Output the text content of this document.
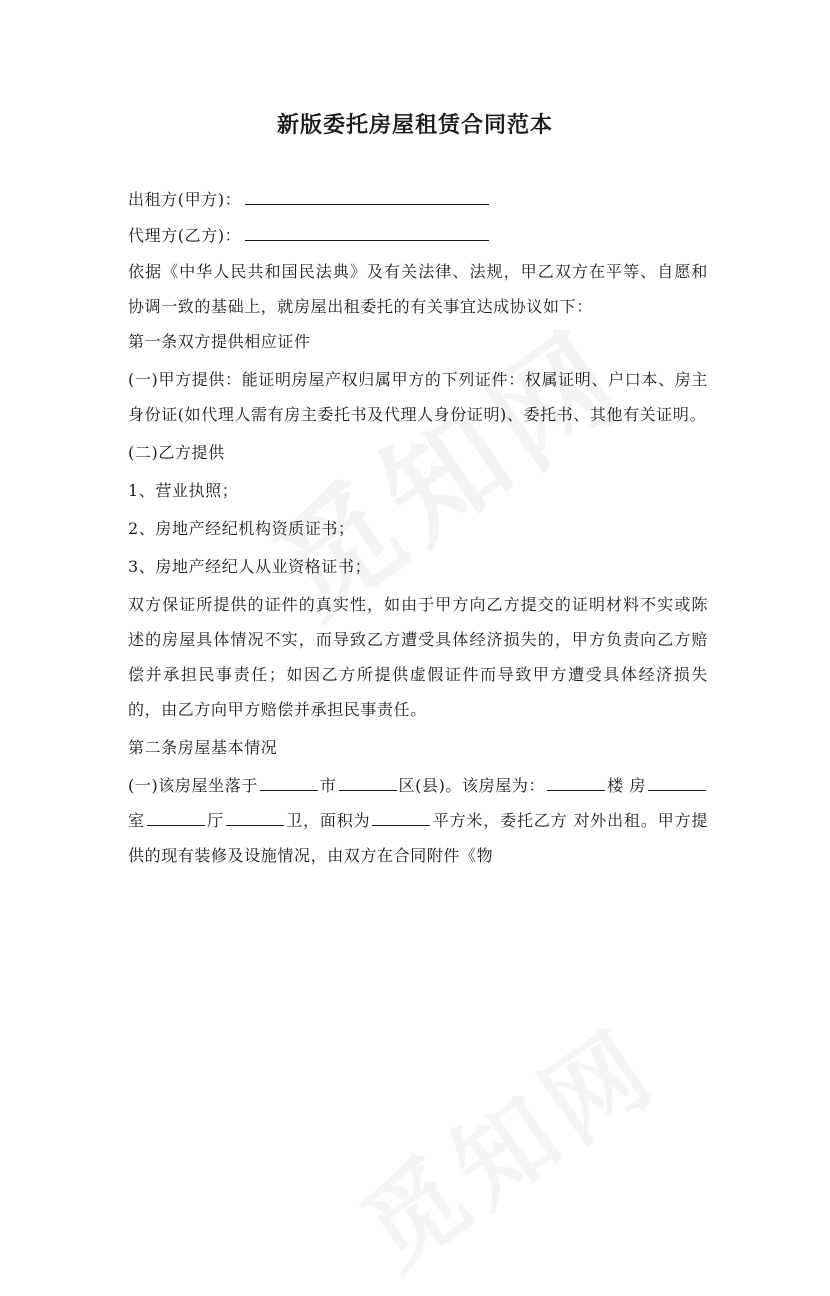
新版委托房屋租赁合同范本
出租方(甲方)：
代理方(乙方)：
依据《中华人民共和国民法典》及有关法律、法规，甲乙双方在平等、自愿和协调一致的基础上，就房屋出租委托的有关事宜达成协议如下：
第一条双方提供相应证件
(一)甲方提供：能证明房屋产权归属甲方的下列证件：权属证明、户口本、房主身份证(如代理人需有房主委托书及代理人身份证明)、委托书、其他有关证明。
(二)乙方提供
1、营业执照；
2、房地产经纪机构资质证书；
3、房地产经纪人从业资格证书；
双方保证所提供的证件的真实性，如由于甲方向乙方提交的证明材料不实或陈述的房屋具体情况不实，而导致乙方遭受具体经济损失的，甲方负责向乙方赔偿并承担民事责任；如因乙方所提供虚假证件而导致甲方遭受具体经济损失的，由乙方向甲方赔偿并承担民事责任。
第二条房屋基本情况
(一)该房屋坐落于	市	区(县)。该房屋为：	楼 房室	厅	卫，面积为	平方米，委托乙方 对外出租。甲方提供的现有装修及设施情况，由双方在合同附件《物
